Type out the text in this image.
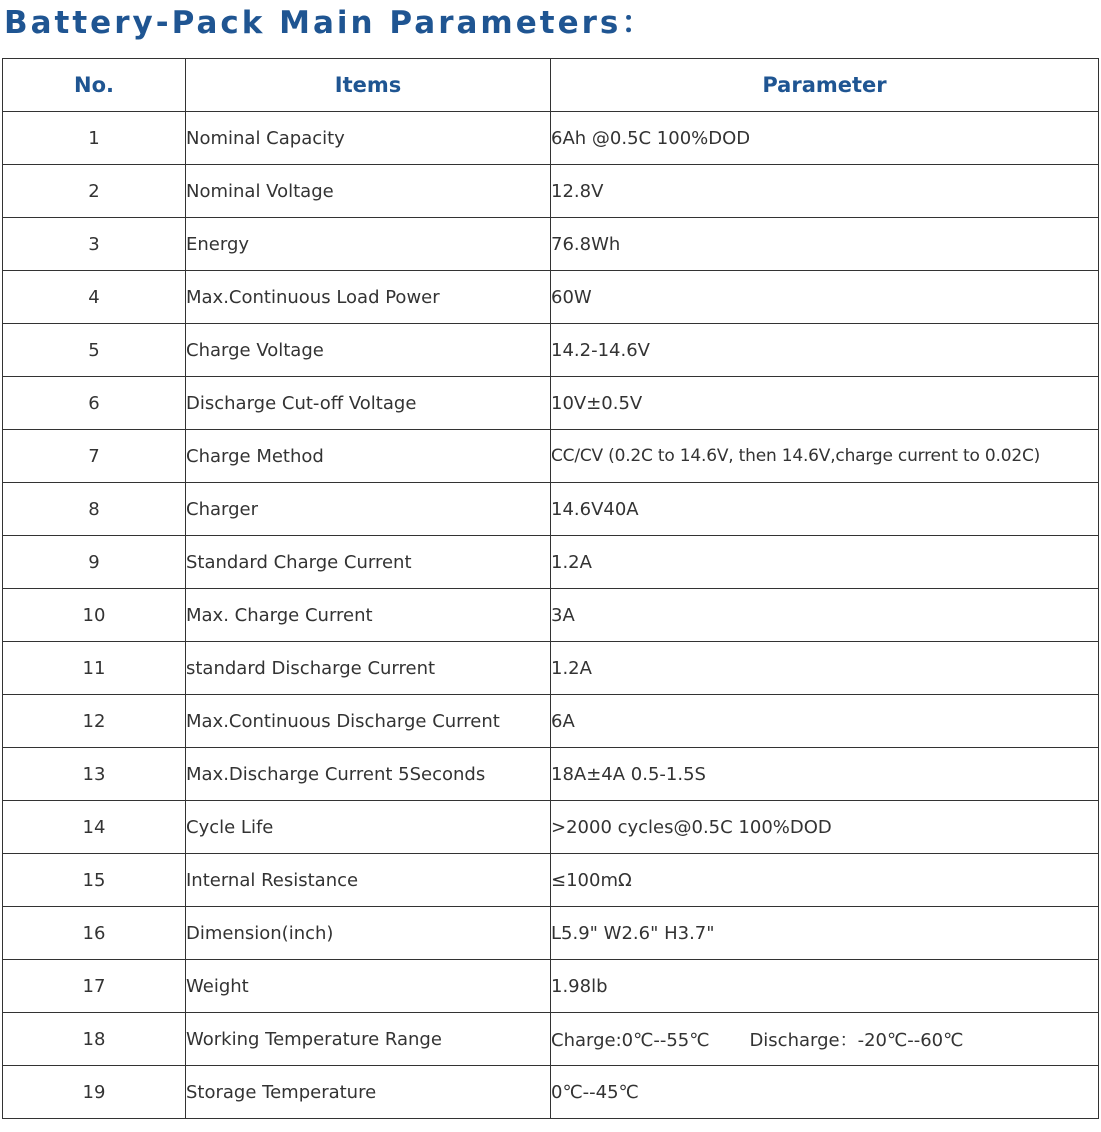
Battery-Pack Main Parameters：
No.	Items	Parameter
1	Nominal Capacity	6Ah @0.5C 100%DOD
2	Nominal Voltage	12.8V
3	Energy	76.8Wh
4	Max.Continuous Load Power	60W
5	Charge Voltage	14.2-14.6V
6	Discharge Cut-off Voltage	10V±0.5V
7	Charge Method	CC/CV (0.2C to 14.6V, then 14.6V,charge current to 0.02C)
8	Charger	14.6V40A
9	Standard Charge Current	1.2A
10	Max. Charge Current	3A
11	standard Discharge Current	1.2A
12	Max.Continuous Discharge Current	6A
13	Max.Discharge Current 5Seconds	18A±4A 0.5-1.5S
14	Cycle Life	>2000 cycles@0.5C 100%DOD
15	Internal Resistance	≤100mΩ
16	Dimension(inch)	L5.9" W2.6" H3.7"
17	Weight	1.98lb
18	Working Temperature Range	Charge:0℃--55℃ Discharge：-20℃--60℃
19	Storage Temperature	0℃--45℃
